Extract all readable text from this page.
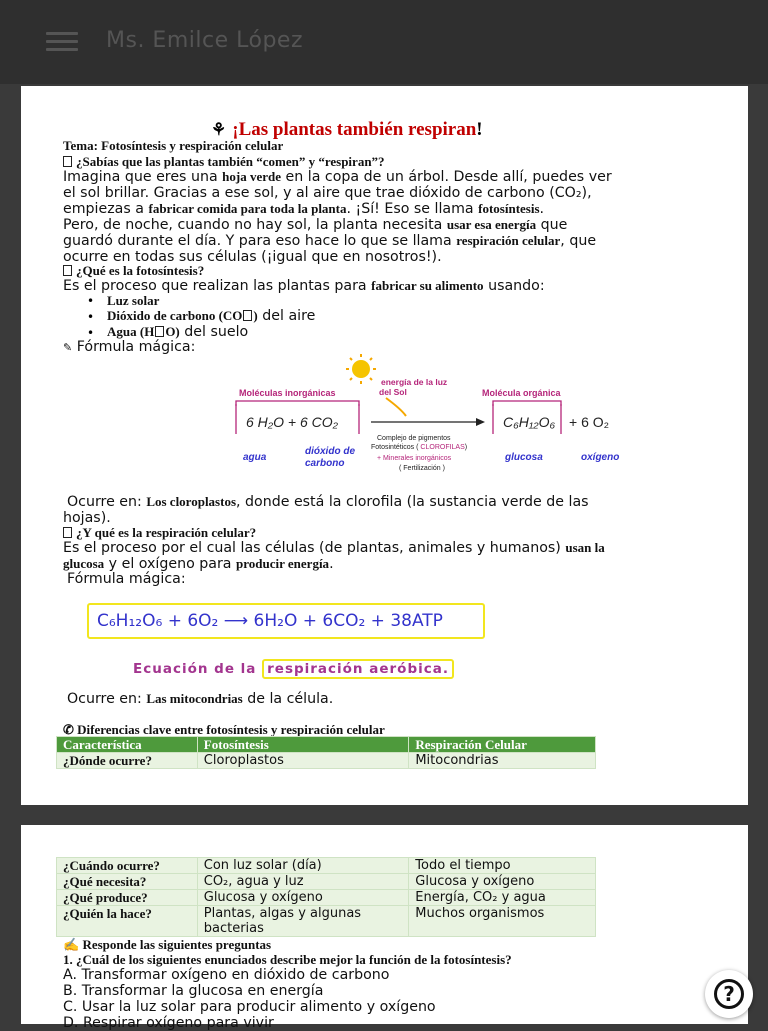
Ms. Emilce López
⚘ ¡Las plantas también respiran!
Tema: Fotosíntesis y respiración celular
¿Sabías que las plantas también “comen” y “respiran”?
Imagina que eres una hoja verde en la copa de un árbol. Desde allí, puedes ver
el sol brillar. Gracias a ese sol, y al aire que trae dióxido de carbono (CO₂),
empiezas a fabricar comida para toda la planta. ¡Sí! Eso se llama fotosíntesis.
Pero, de noche, cuando no hay sol, la planta necesita usar esa energía que
guardó durante el día. Y para eso hace lo que se llama respiración celular, que
ocurre en todas sus células (¡igual que en nosotros!).
¿Qué es la fotosíntesis?
Es el proceso que realizan las plantas para fabricar su alimento usando:
• Luz solar
• Dióxido de carbono (CO ) del aire
• Agua (H O) del suelo
✎ Fórmula mágica:
Moléculas inorgánicas
energía de la luz
del Sol	Molécula orgánica
6 H₂O + 6 CO₂	C₆H₁₂O₆ + 6 O₂
Complejo de pigmentos
Fotosintéticos ( CLOROFILAS)
+ Minerales inorgánicos
( Fertilización )
agua
dióxido de
carbono
glucosa	oxígeno
Ocurre en: Los cloroplastos, donde está la clorofila (la sustancia verde de las
hojas).
¿Y qué es la respiración celular?
Es el proceso por el cual las células (de plantas, animales y humanos) usan la
glucosa y el oxígeno para producir energía.
Fórmula mágica:
C₆H₁₂O₆ + 6O₂ ⟶ 6H₂O + 6CO₂ + 38ATP
Ecuación de la respiración aeróbica.
Ocurre en: Las mitocondrias de la célula.
✆ Diferencias clave entre fotosíntesis y respiración celular
Característica	Fotosíntesis	Respiración Celular
¿Dónde ocurre?	Cloroplastos	Mitocondrias
¿Cuándo ocurre?	Con luz solar (día)	Todo el tiempo
¿Qué necesita?	CO₂, agua y luz	Glucosa y oxígeno
¿Qué produce?	Glucosa y oxígeno	Energía, CO₂ y agua
¿Quién la hace?	Plantas, algas y algunas bacterias	Muchos organismos
✍ Responde las siguientes preguntas
1. ¿Cuál de los siguientes enunciados describe mejor la función de la fotosíntesis?
A. Transformar oxígeno en dióxido de carbono
B. Transformar la glucosa en energía
C. Usar la luz solar para producir alimento y oxígeno
D. Respirar oxígeno para vivir
?
